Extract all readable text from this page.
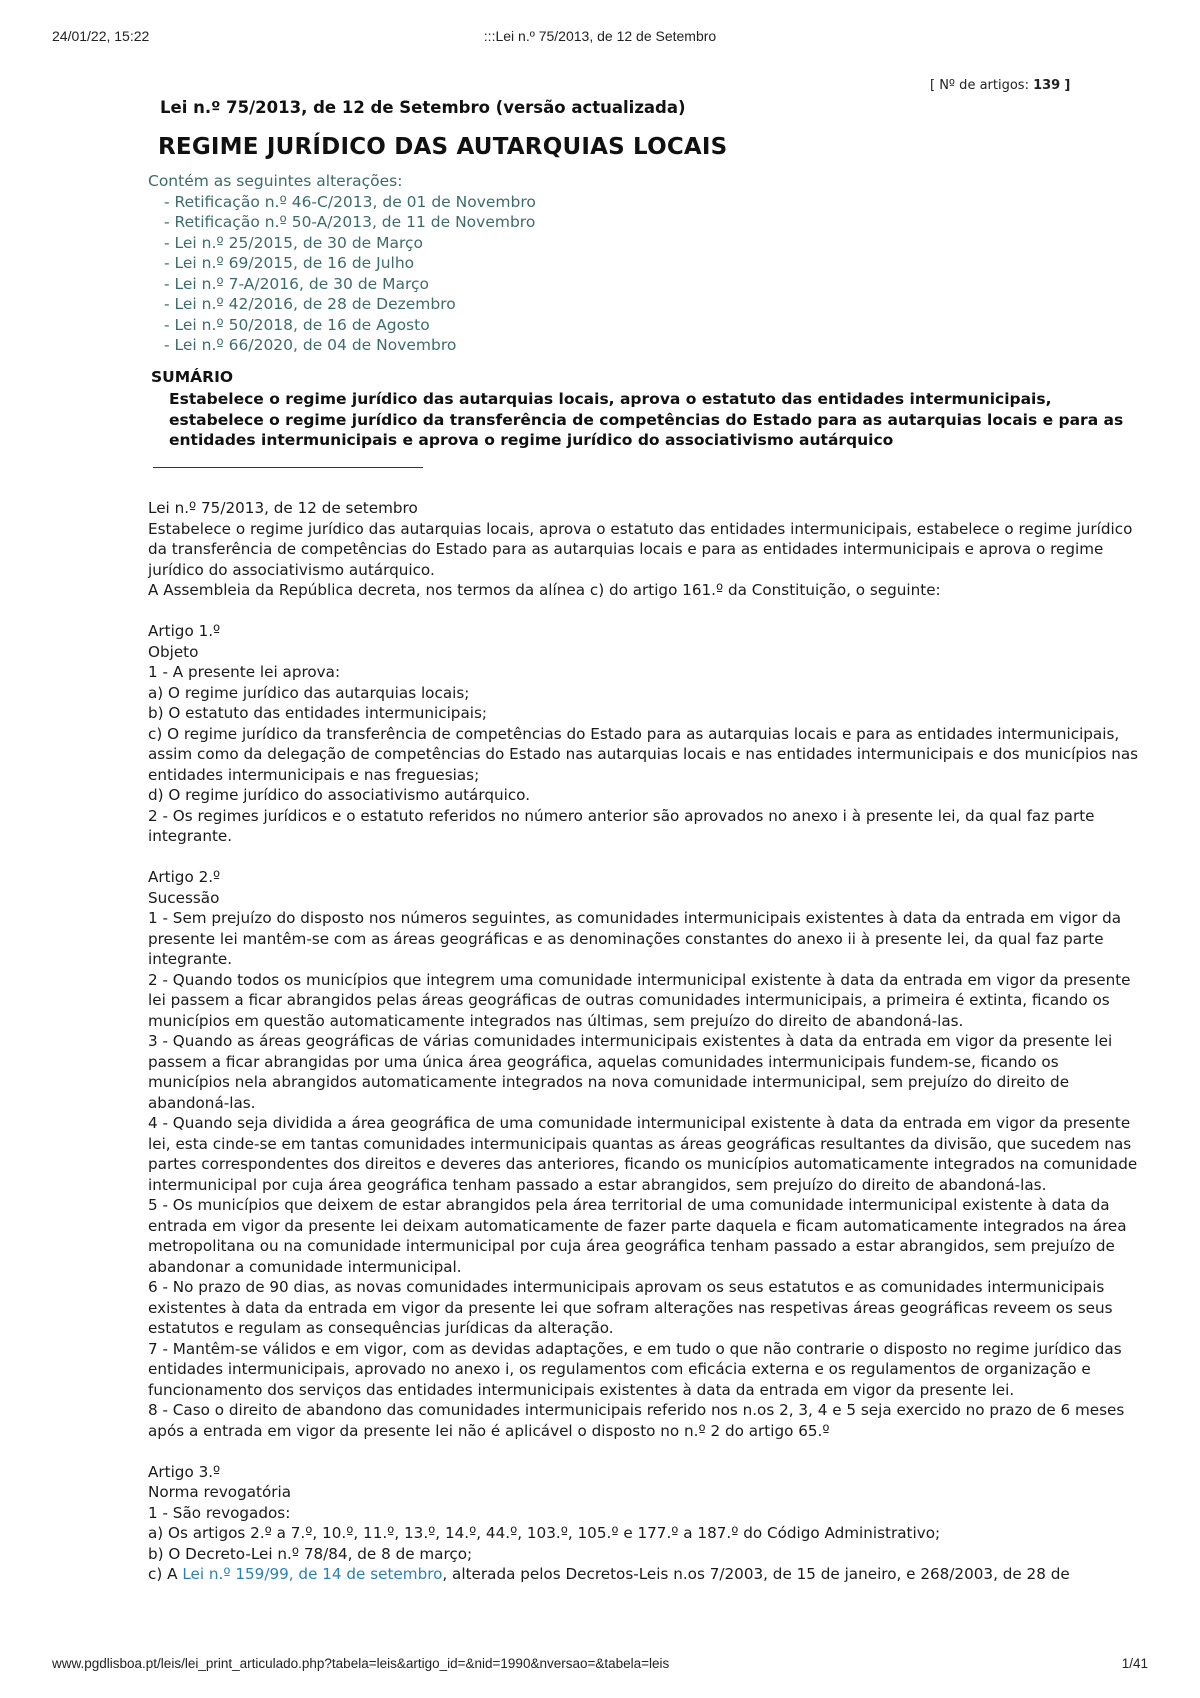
24/01/22, 15:22	:::Lei n.º 75/2013, de 12 de Setembro
[ Nº de artigos: 139 ]
Lei n.º 75/2013, de 12 de Setembro (versão actualizada)
REGIME JURÍDICO DAS AUTARQUIAS LOCAIS
Contém as seguintes alterações:
- Retificação n.º 46-C/2013, de 01 de Novembro
- Retificação n.º 50-A/2013, de 11 de Novembro
- Lei n.º 25/2015, de 30 de Março
- Lei n.º 69/2015, de 16 de Julho
- Lei n.º 7-A/2016, de 30 de Março
- Lei n.º 42/2016, de 28 de Dezembro
- Lei n.º 50/2018, de 16 de Agosto
- Lei n.º 66/2020, de 04 de Novembro
SUMÁRIO
Estabelece o regime jurídico das autarquias locais, aprova o estatuto das entidades intermunicipais, estabelece o regime jurídico da transferência de competências do Estado para as autarquias locais e para as entidades intermunicipais e aprova o regime jurídico do associativismo autárquico

Lei n.º 75/2013, de 12 de setembro

Estabelece o regime jurídico das autarquias locais, aprova o estatuto das entidades intermunicipais, estabelece o regime jurídico da transferência de competências do Estado para as autarquias locais e para as entidades intermunicipais e aprova o regime jurídico do associativismo autárquico.

A Assembleia da República decreta, nos termos da alínea c) do artigo 161.º da Constituição, o seguinte:

Artigo 1.º

Objeto

1 - A presente lei aprova:

a) O regime jurídico das autarquias locais;

b) O estatuto das entidades intermunicipais;

c) O regime jurídico da transferência de competências do Estado para as autarquias locais e para as entidades intermunicipais, assim como da delegação de competências do Estado nas autarquias locais e nas entidades intermunicipais e dos municípios nas entidades intermunicipais e nas freguesias;

d) O regime jurídico do associativismo autárquico.

2 - Os regimes jurídicos e o estatuto referidos no número anterior são aprovados no anexo i à presente lei, da qual faz parte integrante.

Artigo 2.º

Sucessão

1 - Sem prejuízo do disposto nos números seguintes, as comunidades intermunicipais existentes à data da entrada em vigor da presente lei mantêm-se com as áreas geográficas e as denominações constantes do anexo ii à presente lei, da qual faz parte integrante.

2 - Quando todos os municípios que integrem uma comunidade intermunicipal existente à data da entrada em vigor da presente lei passem a ficar abrangidos pelas áreas geográficas de outras comunidades intermunicipais, a primeira é extinta, ficando os municípios em questão automaticamente integrados nas últimas, sem prejuízo do direito de abandoná-las.

3 - Quando as áreas geográficas de várias comunidades intermunicipais existentes à data da entrada em vigor da presente lei passem a ficar abrangidas por uma única área geográfica, aquelas comunidades intermunicipais fundem-se, ficando os municípios nela abrangidos automaticamente integrados na nova comunidade intermunicipal, sem prejuízo do direito de abandoná-las.

4 - Quando seja dividida a área geográfica de uma comunidade intermunicipal existente à data da entrada em vigor da presente lei, esta cinde-se em tantas comunidades intermunicipais quantas as áreas geográficas resultantes da divisão, que sucedem nas partes correspondentes dos direitos e deveres das anteriores, ficando os municípios automaticamente integrados na comunidade intermunicipal por cuja área geográfica tenham passado a estar abrangidos, sem prejuízo do direito de abandoná-las.

5 - Os municípios que deixem de estar abrangidos pela área territorial de uma comunidade intermunicipal existente à data da entrada em vigor da presente lei deixam automaticamente de fazer parte daquela e ficam automaticamente integrados na área metropolitana ou na comunidade intermunicipal por cuja área geográfica tenham passado a estar abrangidos, sem prejuízo de abandonar a comunidade intermunicipal.

6 - No prazo de 90 dias, as novas comunidades intermunicipais aprovam os seus estatutos e as comunidades intermunicipais existentes à data da entrada em vigor da presente lei que sofram alterações nas respetivas áreas geográficas reveem os seus estatutos e regulam as consequências jurídicas da alteração.

7 - Mantêm-se válidos e em vigor, com as devidas adaptações, e em tudo o que não contrarie o disposto no regime jurídico das entidades intermunicipais, aprovado no anexo i, os regulamentos com eficácia externa e os regulamentos de organização e funcionamento dos serviços das entidades intermunicipais existentes à data da entrada em vigor da presente lei.

8 - Caso o direito de abandono das comunidades intermunicipais referido nos n.os 2, 3, 4 e 5 seja exercido no prazo de 6 meses após a entrada em vigor da presente lei não é aplicável o disposto no n.º 2 do artigo 65.º

Artigo 3.º

Norma revogatória

1 - São revogados:

a) Os artigos 2.º a 7.º, 10.º, 11.º, 13.º, 14.º, 44.º, 103.º, 105.º e 177.º a 187.º do Código Administrativo;

b) O Decreto-Lei n.º 78/84, de 8 de março;

c) A Lei n.º 159/99, de 14 de setembro, alterada pelos Decretos-Leis n.os 7/2003, de 15 de janeiro, e 268/2003, de 28 de

www.pgdlisboa.pt/leis/lei_print_articulado.php?tabela=leis&artigo_id=&nid=1990&nversao=&tabela=leis	1/41
